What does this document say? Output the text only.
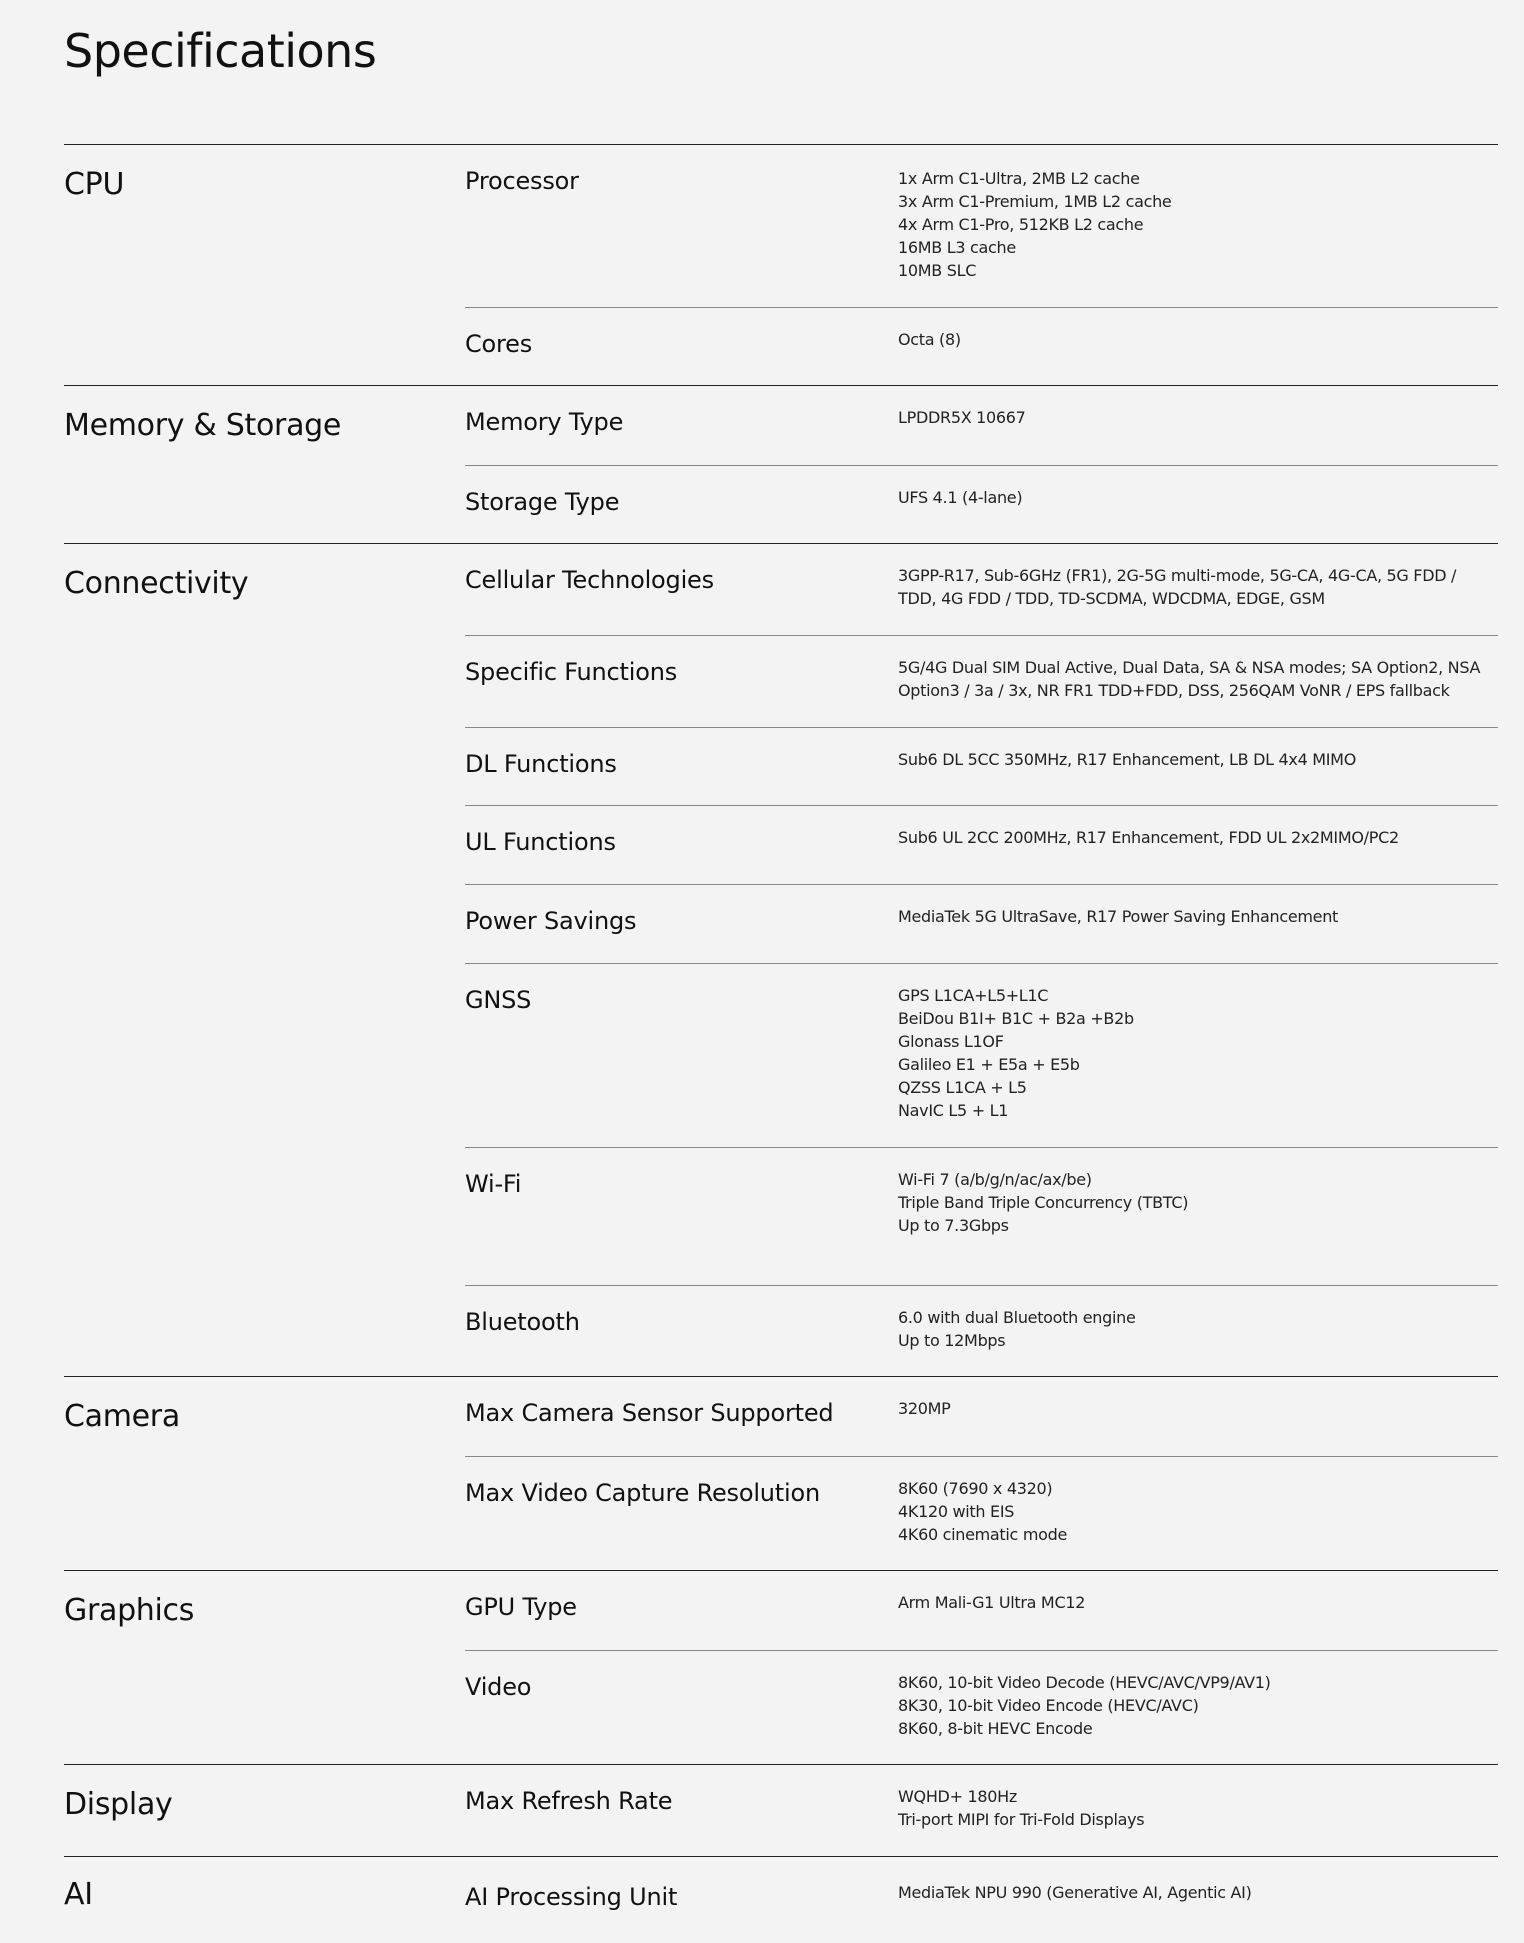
Specifications
CPU	Processor	1x Arm C1-Ultra, 2MB L2 cache
3x Arm C1-Premium, 1MB L2 cache
4x Arm C1-Pro, 512KB L2 cache
16MB L3 cache
10MB SLC
Cores	Octa (8)
Memory & Storage	Memory Type	LPDDR5X 10667
Storage Type	UFS 4.1 (4-lane)
Connectivity	Cellular Technologies	3GPP-R17, Sub-6GHz (FR1), 2G-5G multi-mode, 5G-CA, 4G-CA, 5G FDD / TDD, 4G FDD / TDD, TD-SCDMA, WDCDMA, EDGE, GSM
Specific Functions	5G/4G Dual SIM Dual Active, Dual Data, SA & NSA modes; SA Option2, NSA Option3 / 3a / 3x, NR FR1 TDD+FDD, DSS, 256QAM VoNR / EPS fallback
DL Functions	Sub6 DL 5CC 350MHz, R17 Enhancement, LB DL 4x4 MIMO
UL Functions	Sub6 UL 2CC 200MHz, R17 Enhancement, FDD UL 2x2MIMO/PC2
Power Savings	MediaTek 5G UltraSave, R17 Power Saving Enhancement
GNSS	GPS L1CA+L5+L1C
BeiDou B1I+ B1C + B2a +B2b
Glonass L1OF
Galileo E1 + E5a + E5b
QZSS L1CA + L5
NavIC L5 + L1
Wi-Fi	Wi-Fi 7 (a/b/g/n/ac/ax/be)
Triple Band Triple Concurrency (TBTC)
Up to 7.3Gbps
Bluetooth	6.0 with dual Bluetooth engine
Up to 12Mbps
Camera	Max Camera Sensor Supported	320MP
Max Video Capture Resolution	8K60 (7690 x 4320)
4K120 with EIS
4K60 cinematic mode
Graphics	GPU Type	Arm Mali-G1 Ultra MC12
Video	8K60, 10-bit Video Decode (HEVC/AVC/VP9/AV1)
8K30, 10-bit Video Encode (HEVC/AVC)
8K60, 8-bit HEVC Encode
Display	Max Refresh Rate	WQHD+ 180Hz
Tri-port MIPI for Tri-Fold Displays
AI	AI Processing Unit	MediaTek NPU 990 (Generative AI, Agentic AI)
